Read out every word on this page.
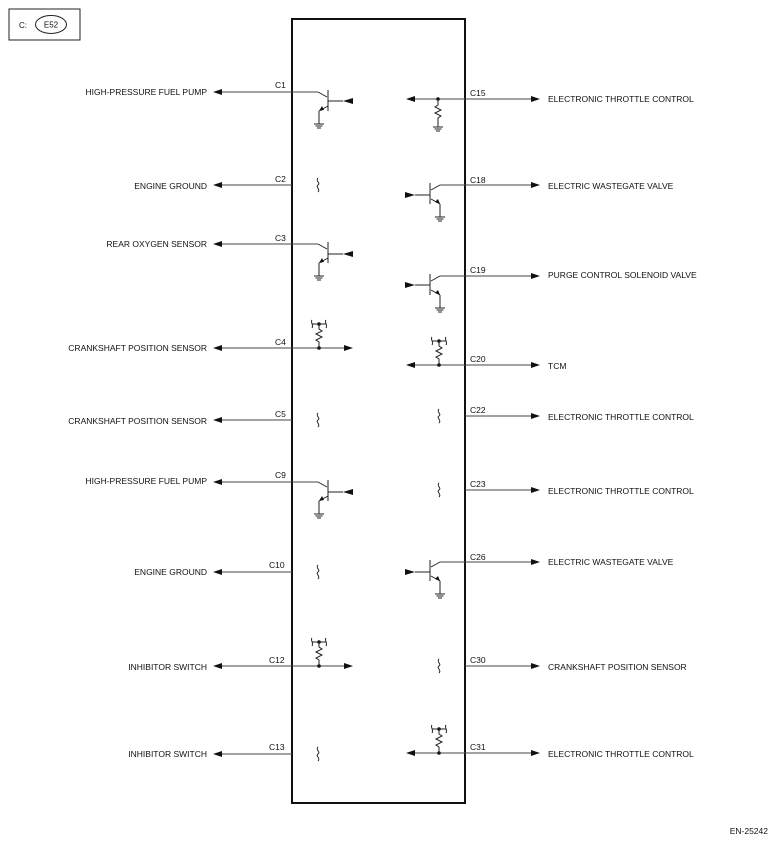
C: E52
HIGH-PRESSURE FUEL PUMP
C1
ENGINE GROUND
C2
REAR OXYGEN SENSOR
C3
CRANKSHAFT POSITION SENSOR
C4
CRANKSHAFT POSITION SENSOR
C5
HIGH-PRESSURE FUEL PUMP
C9
ENGINE GROUND
C10
INHIBITOR SWITCH
C12
INHIBITOR SWITCH
C13
C15
ELECTRONIC THROTTLE CONTROL
C18
ELECTRIC WASTEGATE VALVE
C19	PURGE CONTROL SOLENOID VALVE
C20
TCM
C22
ELECTRONIC THROTTLE CONTROL
C23
ELECTRONIC THROTTLE CONTROL
C26	ELECTRIC WASTEGATE VALVE
C30
CRANKSHAFT POSITION SENSOR
C31
ELECTRONIC THROTTLE CONTROL
EN-25242
